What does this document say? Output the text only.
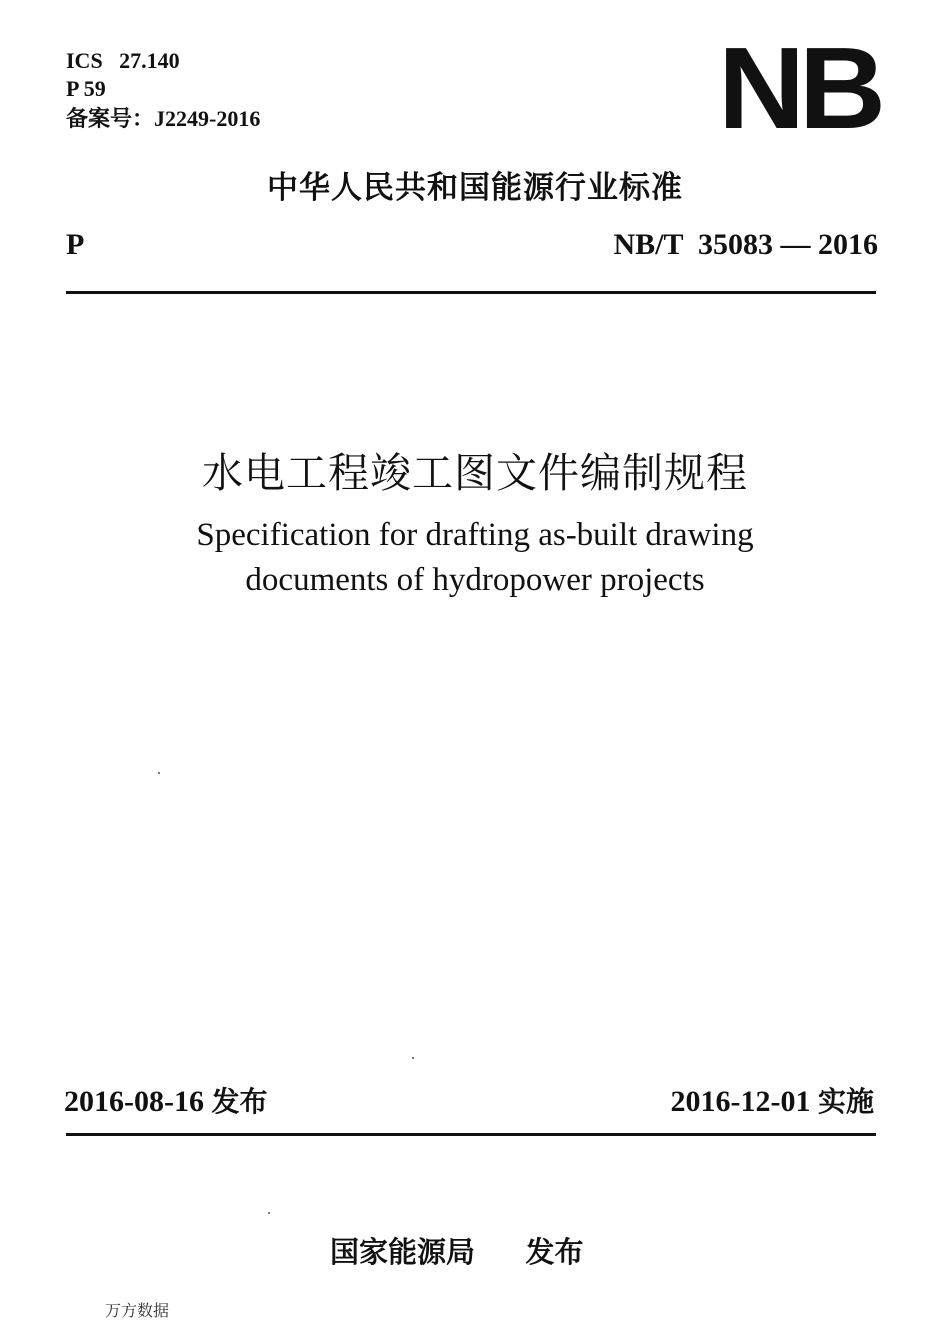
ICS   27.140
P 59
备案号：J2249-2016	NB
中华人民共和国能源行业标准
P	NB/T  35083 — 2016
水电工程竣工图文件编制规程
Specification for drafting as-built drawing
documents of hydropower projects
2016-08-16 发布	2016-12-01 实施
国家能源局 发布
万方数据
